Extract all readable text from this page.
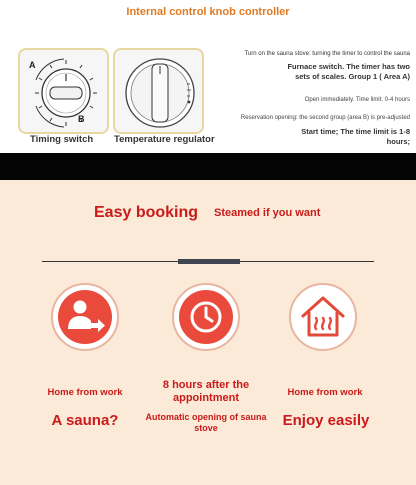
Internal control knob controller
A
B
Timing switch Temperature regulator
Turn on the sauna stove: turning the timer to control the sauna
Furnace switch. The timer has two sets of scales. Group 1 ( Area A)
Open immediately. Time limit: 0-4 hours
Reservation opening: the second group (area B) is pre-adjusted
Start time; The time limit is 1-8 hours;
Easy booking Steamed if you want
Home from work
A sauna?
8 hours after the appointment
Automatic opening of sauna stove
Home from work
Enjoy easily
